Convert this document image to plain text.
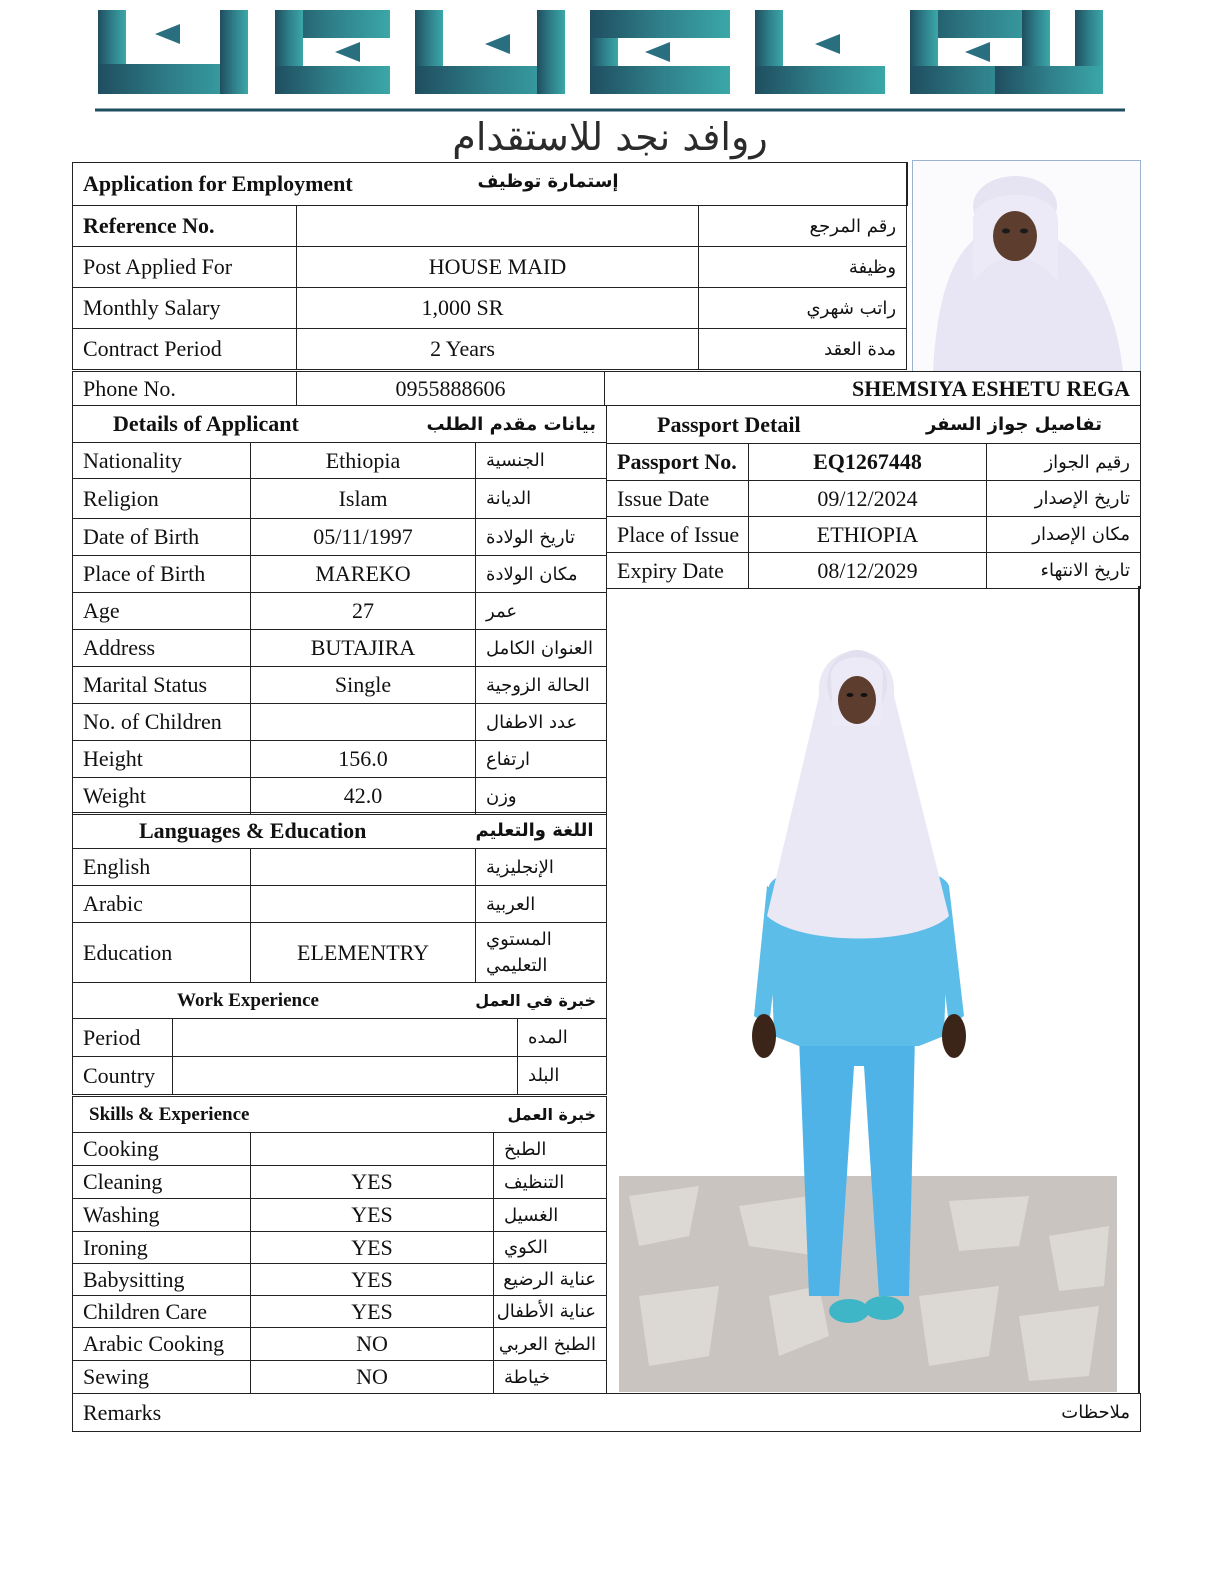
روافد نجد للاستقدام
Application for Employment إستمارة توظيف		

Reference No.		رقم المرجع
Post Applied For	HOUSE MAID	وظيفة
Monthly Salary	1,000 SR	راتب شهري
Contract Period	2 Years	مدة العقد
Phone No.	0955888606	SHEMSIYA ESHETU REGA
Details of Applicant		بيانات مقدم الطلب
Nationality	Ethiopia	الجنسية
Religion	Islam	الديانة
Date of Birth	05/11/1997	تاريخ الولادة
Place of Birth	MAREKO	مكان الولادة
Age	27	عمر
Address	BUTAJIRA	العنوان الكامل
Marital Status	Single	الحالة الزوجية
No. of Children		عدد الاطفال
Height	156.0	ارتفاع
Weight	42.0	وزن
Languages & Education		اللغة والتعليم
English		الإنجليزية
Arabic		العربية
Education	ELEMENTRY	المستوي التعليمي
Work Experience		خبرة في العمل
Period		المده
Country		البلد
Skills & Experience		خبرة العمل
Cooking		الطبخ
Cleaning	YES	التنظيف
Washing	YES	الغسيل
Ironing	YES	الكوي
Babysitting	YES	عناية الرضيع
Children Care	YES	عناية الأطفال
Arabic Cooking	NO	الطبخ العربي
Sewing	NO	خياطة
Passport Detail		تفاصيل جواز السفر
Passport No.	EQ1267448	رقيم الجواز
Issue Date	09/12/2024	تاريخ الإصدار
Place of Issue	ETHIOPIA	مكان الإصدار
Expiry Date	08/12/2029	تاريخ الانتهاء
Remarks	ملاحظات
